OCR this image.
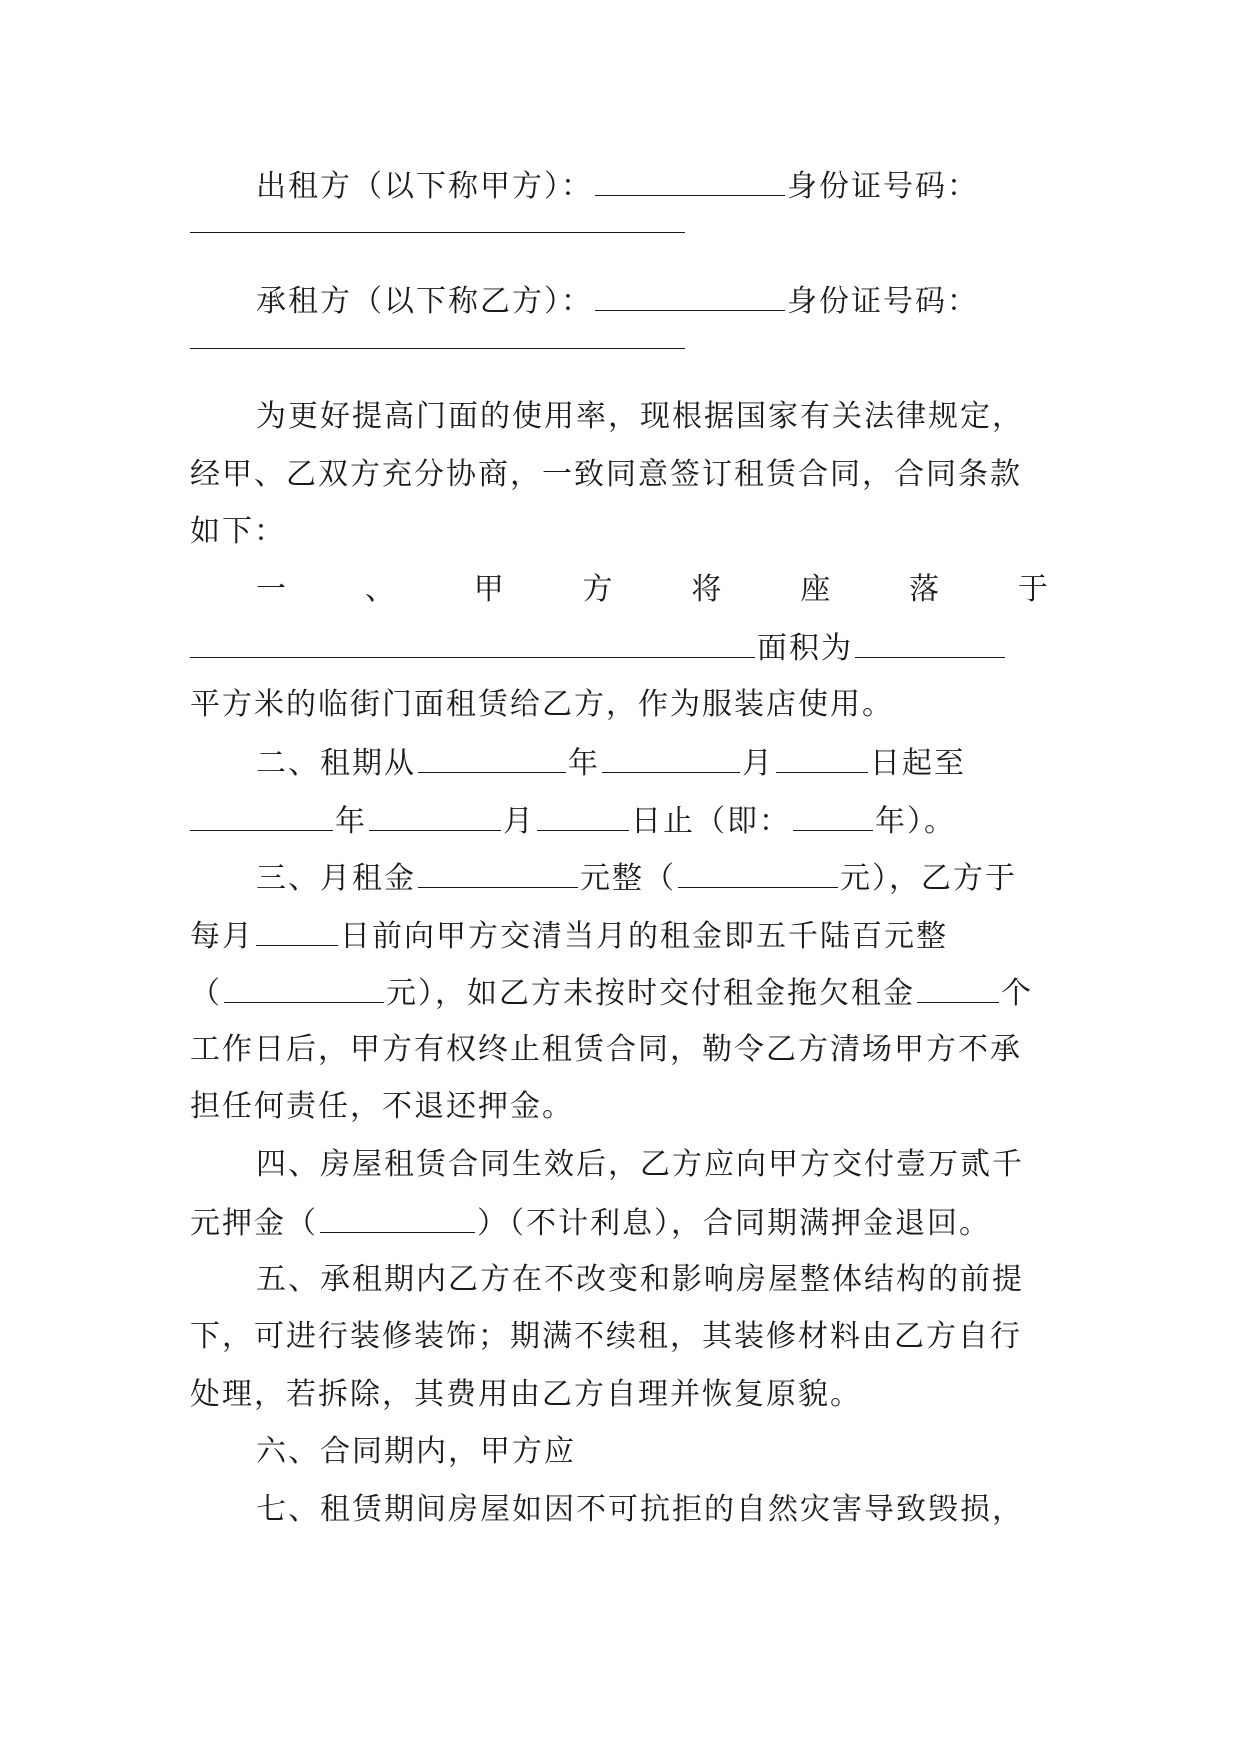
出租方（以下称甲方）：	身份证号码：
承租方（以下称乙方）：	身份证号码：
为更好提高门面的使用率，现根据国家有关法律规定，
经甲、乙双方充分协商，一致同意签订租赁合同，合同条款
如下：
一	、	甲	方	将	座	落	于
面积为
平方米的临街门面租赁给乙方，作为服装店使用。
二、租期从	年	月	日起至
年	月	日止（即：	年）。
三、月租金	元整（	元），乙方于
每月	日前向甲方交清当月的租金即五千陆百元整
（	元），如乙方未按时交付租金拖欠租金	个
工作日后，甲方有权终止租赁合同，勒令乙方清场甲方不承
担任何责任，不退还押金。
四、房屋租赁合同生效后，乙方应向甲方交付壹万贰千
元押金（	）（不计利息），合同期满押金退回。
五、承租期内乙方在不改变和影响房屋整体结构的前提
下，可进行装修装饰；期满不续租，其装修材料由乙方自行
处理，若拆除，其费用由乙方自理并恢复原貌。
六、合同期内，甲方应
七、租赁期间房屋如因不可抗拒的自然灾害导致毁损，
